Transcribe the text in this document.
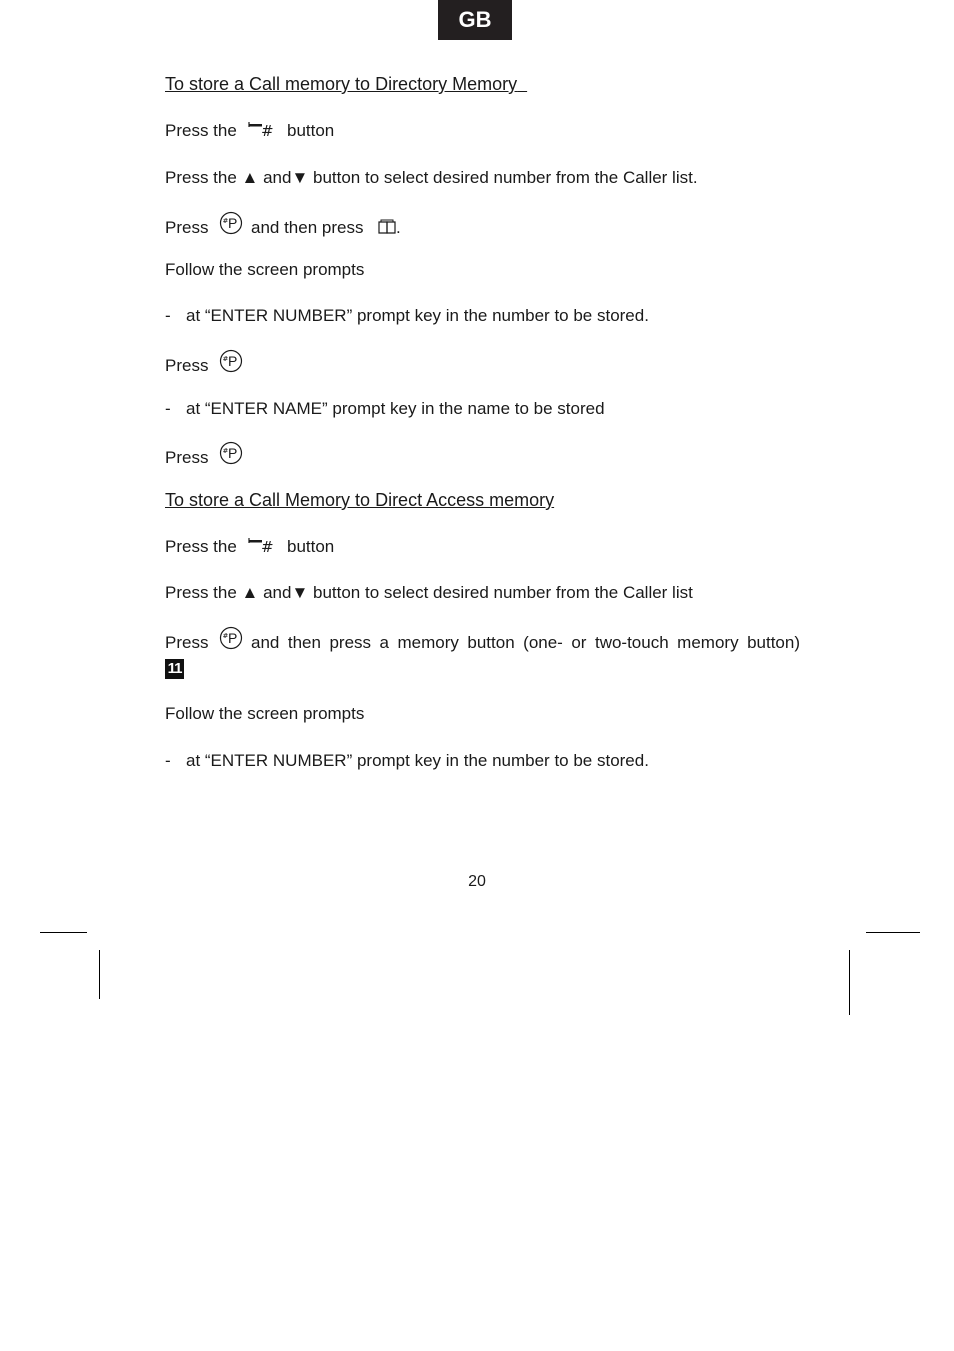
GB
To store a Call memory to Directory Memory
Press the # button
Press the ▲ and▼ button to select desired number from the Caller list.
Press # P and then press .
Follow the screen prompts
- at “ENTER NUMBER” prompt key in the number to be stored.
Press # P
- at “ENTER NAME” prompt key in the name to be stored
Press # P
To store a Call Memory to Direct Access memory
Press the # button
Press the ▲ and▼ button to select desired number from the Caller list
Press # P and then press a memory button (one- or two-touch memory button)
11
Follow the screen prompts
- at “ENTER NUMBER” prompt key in the number to be stored.
20
